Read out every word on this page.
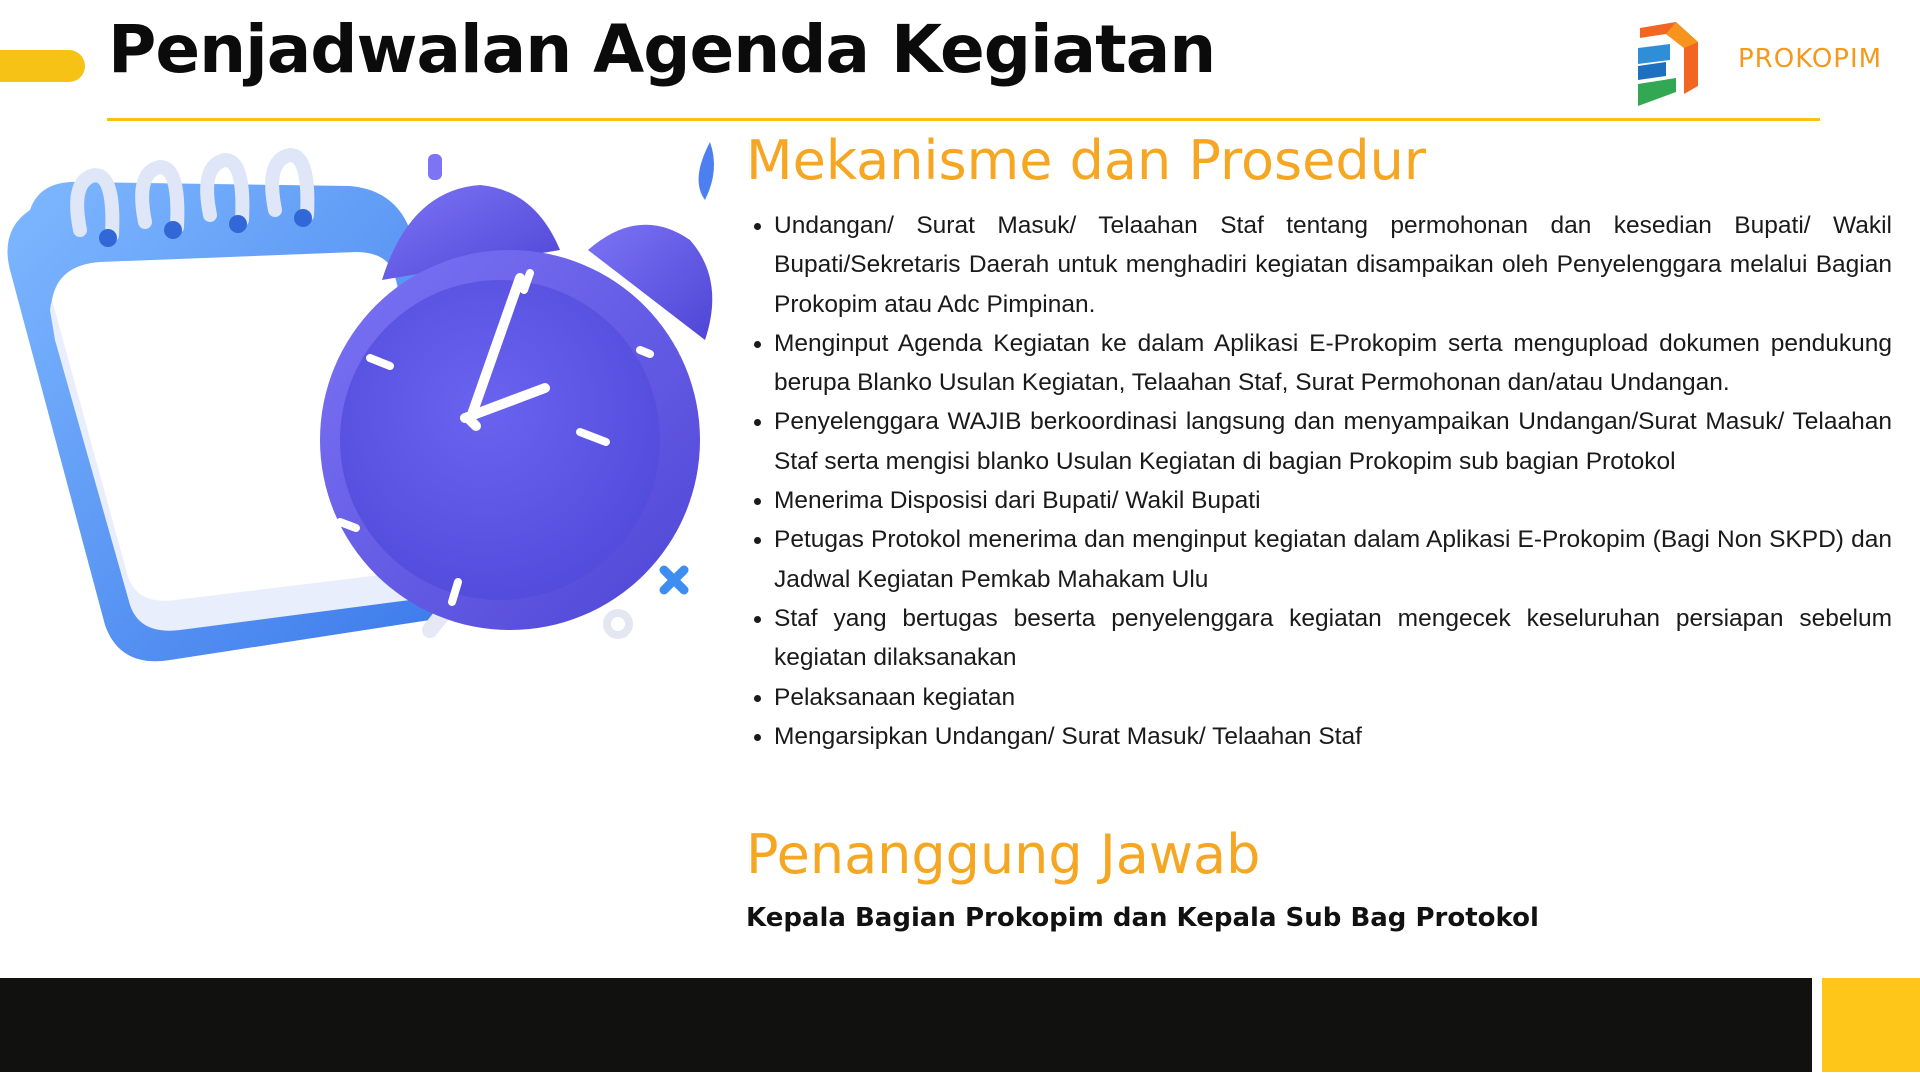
Penjadwalan Agenda Kegiatan	PROKOPIM
Mekanisme dan Prosedur
Undangan/ Surat Masuk/ Telaahan Staf tentang permohonan dan kesedian Bupati/ Wakil Bupati/Sekretaris Daerah untuk menghadiri kegiatan disampaikan oleh Penyelenggara melalui Bagian Prokopim atau Adc Pimpinan.
Menginput Agenda Kegiatan ke dalam Aplikasi E-Prokopim serta mengupload dokumen pendukung berupa Blanko Usulan Kegiatan, Telaahan Staf, Surat Permohonan dan/atau Undangan.
Penyelenggara WAJIB berkoordinasi langsung dan menyampaikan Undangan/Surat Masuk/ Telaahan Staf serta mengisi blanko Usulan Kegiatan di bagian Prokopim sub bagian Protokol
Menerima Disposisi dari Bupati/ Wakil Bupati
Petugas Protokol menerima dan menginput kegiatan dalam Aplikasi E-Prokopim (Bagi Non SKPD) dan Jadwal Kegiatan Pemkab Mahakam Ulu
Staf yang bertugas beserta penyelenggara kegiatan mengecek keseluruhan persiapan sebelum kegiatan dilaksanakan
Pelaksanaan kegiatan
Mengarsipkan Undangan/ Surat Masuk/ Telaahan Staf
Penanggung Jawab

Kepala Bagian Prokopim dan Kepala Sub Bag Protokol
